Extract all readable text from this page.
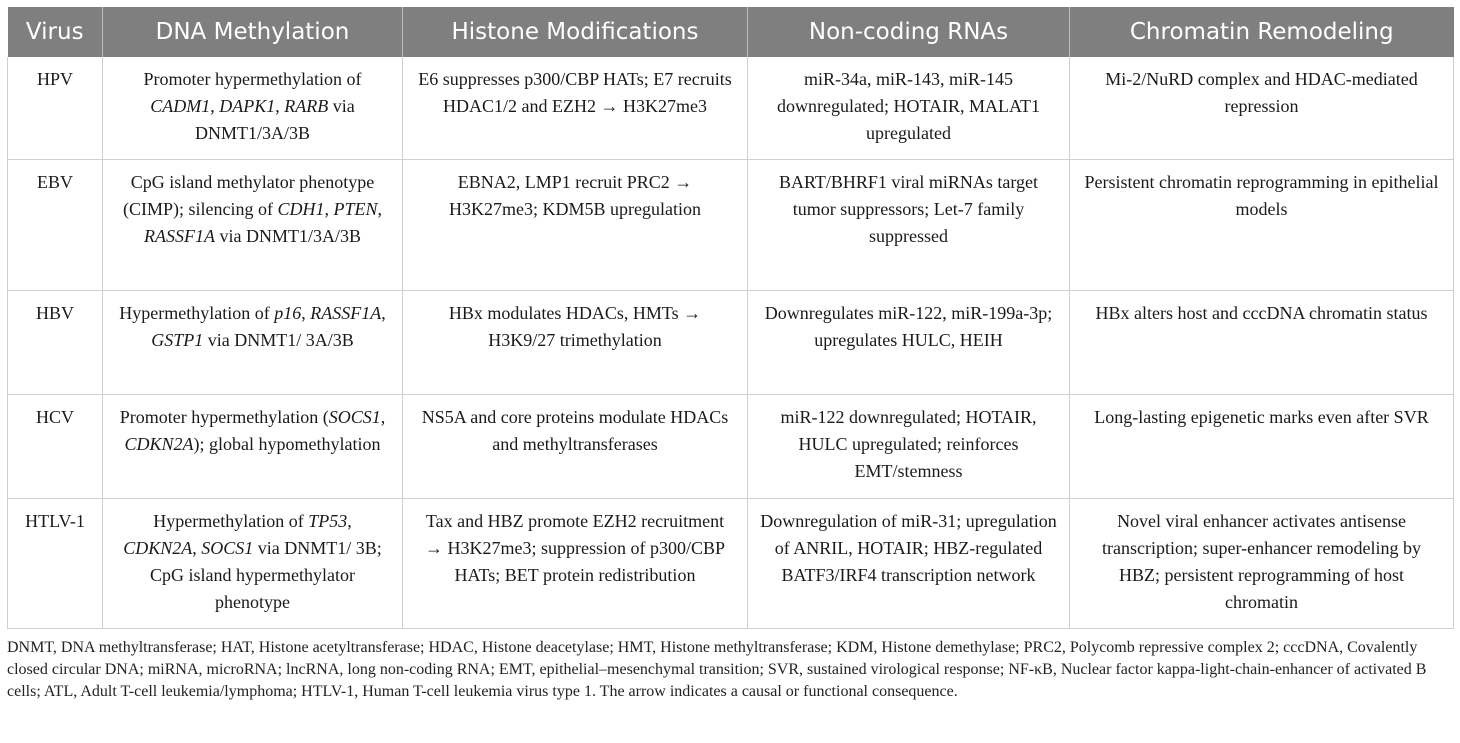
Virus	DNA Methylation	Histone Modifications	Non-coding RNAs	Chromatin Remodeling
HPV	Promoter hypermethylation of CADM1, DAPK1, RARB via DNMT1/3A/3B	E6 suppresses p300/CBP HATs; E7 recruits HDAC1/2 and EZH2 → H3K27me3	miR-34a, miR-143, miR-145 downregulated; HOTAIR, MALAT1 upregulated	Mi-2/NuRD complex and HDAC-mediated repression
EBV	CpG island methylator phenotype (CIMP); silencing of CDH1, PTEN, RASSF1A via DNMT1/3A/3B	EBNA2, LMP1 recruit PRC2 → H3K27me3; KDM5B upregulation	BART/BHRF1 viral miRNAs target tumor suppressors; Let-7 family suppressed	Persistent chromatin reprogramming in epithelial models
HBV	Hypermethylation of p16, RASSF1A, GSTP1 via DNMT1/ 3A/3B	HBx modulates HDACs, HMTs → H3K9/27 trimethylation	Downregulates miR-122, miR-199a-3p; upregulates HULC, HEIH	HBx alters host and cccDNA chromatin status
HCV	Promoter hypermethylation (SOCS1, CDKN2A); global hypomethylation	NS5A and core proteins modulate HDACs and methyltransferases	miR-122 downregulated; HOTAIR, HULC upregulated; reinforces EMT/stemness	Long-lasting epigenetic marks even after SVR
HTLV-1	Hypermethylation of TP53, CDKN2A, SOCS1 via DNMT1/ 3B; CpG island hypermethylator phenotype	Tax and HBZ promote EZH2 recruitment → H3K27me3; suppression of p300/CBP HATs; BET protein redistribution	Downregulation of miR-31; upregulation of ANRIL, HOTAIR; HBZ-regulated BATF3/IRF4 transcription network	Novel viral enhancer activates antisense transcription; super-enhancer remodeling by HBZ; persistent reprogramming of host chromatin
DNMT, DNA methyltransferase; HAT, Histone acetyltransferase; HDAC, Histone deacetylase; HMT, Histone methyltransferase; KDM, Histone demethylase; PRC2, Polycomb repressive complex 2; cccDNA, Covalently closed circular DNA; miRNA, microRNA; lncRNA, long non-coding RNA; EMT, epithelial–mesenchymal transition; SVR, sustained virological response; NF-κB, Nuclear factor kappa-light-chain-enhancer of activated B cells; ATL, Adult T-cell leukemia/lymphoma; HTLV-1, Human T-cell leukemia virus type 1. The arrow indicates a causal or functional consequence.
